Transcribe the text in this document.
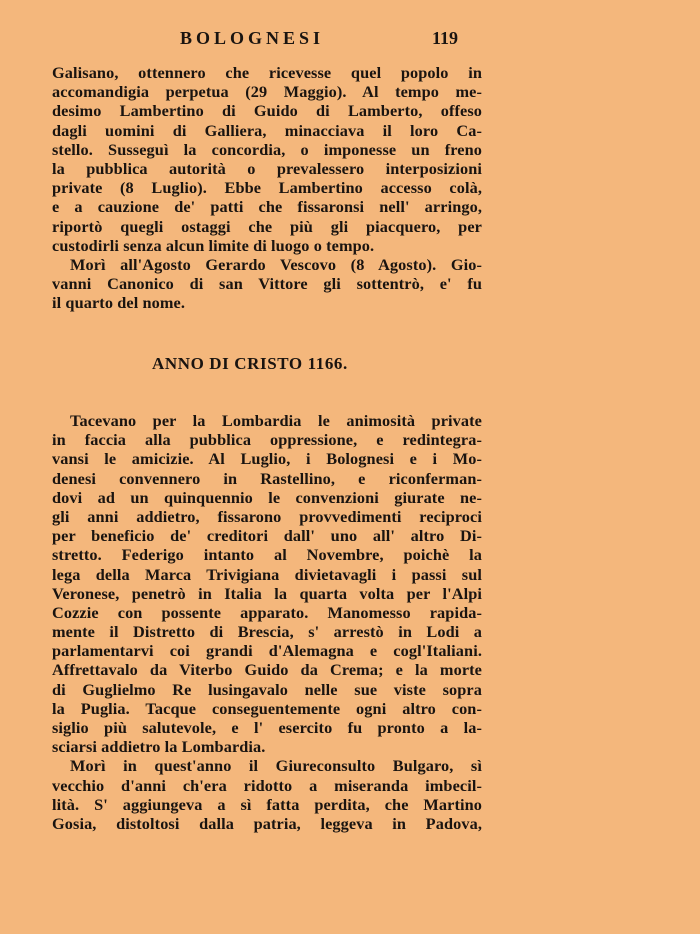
BOLOGNESI	119
Galisano, ottennero che ricevesse quel popolo in
accomandigia perpetua (29 Maggio). Al tempo me-
desimo Lambertino di Guido di Lamberto, offeso
dagli uomini di Galliera, minacciava il loro Ca-
stello. Susseguì la concordia, o imponesse un freno
la pubblica autorità o prevalessero interposizioni
private (8 Luglio). Ebbe Lambertino accesso colà,
e a cauzione de' patti che fissaronsi nell' arringo,
riportò quegli ostaggi che più gli piacquero, per
custodirli senza alcun limite di luogo o tempo.
Morì all'Agosto Gerardo Vescovo (8 Agosto). Gio-
vanni Canonico di san Vittore gli sottentrò, e' fu
il quarto del nome.
ANNO DI CRISTO 1166.
Tacevano per la Lombardia le animosità private
in faccia alla pubblica oppressione, e redintegra-
vansi le amicizie. Al Luglio, i Bolognesi e i Mo-
denesi convennero in Rastellino, e riconferman-
dovi ad un quinquennio le convenzioni giurate ne-
gli anni addietro, fissarono provvedimenti reciproci
per beneficio de' creditori dall' uno all' altro Di-
stretto. Federigo intanto al Novembre, poichè la
lega della Marca Trivigiana divietavagli i passi sul
Veronese, penetrò in Italia la quarta volta per l'Alpi
Cozzie con possente apparato. Manomesso rapida-
mente il Distretto di Brescia, s' arrestò in Lodi a
parlamentarvi coi grandi d'Alemagna e cogl'Italiani.
Affrettavalo da Viterbo Guido da Crema; e la morte
di Guglielmo Re lusingavalo nelle sue viste sopra
la Puglia. Tacque conseguentemente ogni altro con-
siglio più salutevole, e l' esercito fu pronto a la-
sciarsi addietro la Lombardia.
Morì in quest'anno il Giureconsulto Bulgaro, sì
vecchio d'anni ch'era ridotto a miseranda imbecil-
lità. S' aggiungeva a sì fatta perdita, che Martino
Gosia, distoltosi dalla patria, leggeva in Padova,
